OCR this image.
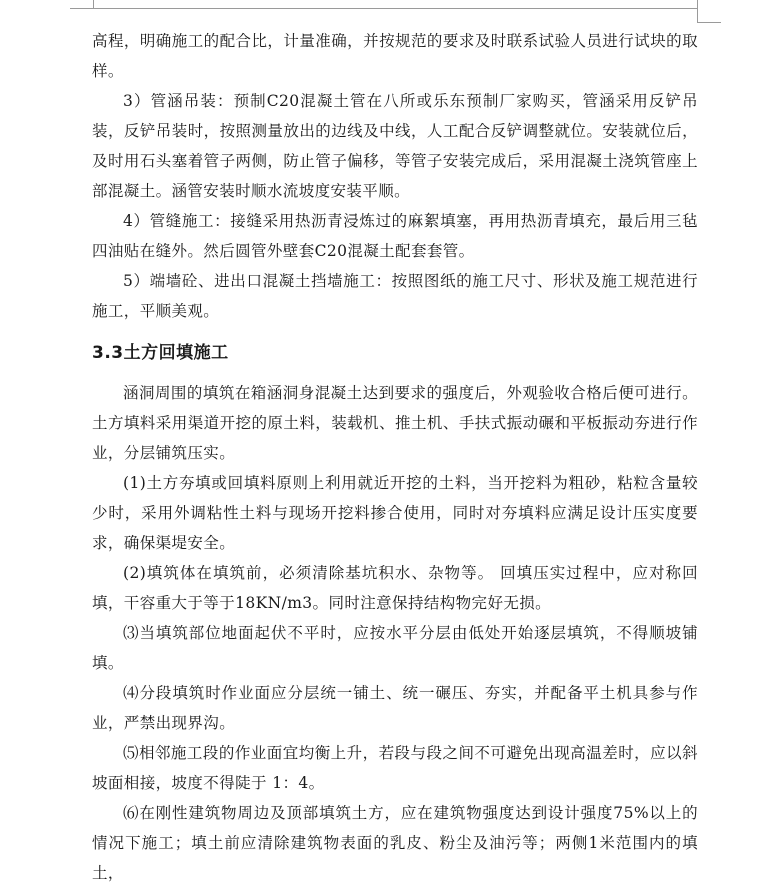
高程，明确施工的配合比，计量准确，并按规范的要求及时联系试验人员进行试块的取样。

3）管涵吊装：预制C20混凝土管在八所或乐东预制厂家购买，管涵采用反铲吊装，反铲吊装时，按照测量放出的边线及中线，人工配合反铲调整就位。安装就位后，及时用石头塞着管子两侧，防止管子偏移，等管子安装完成后，采用混凝土浇筑管座上部混凝土。涵管安装时顺水流坡度安装平顺。

4）管缝施工：接缝采用热沥青浸炼过的麻絮填塞，再用热沥青填充，最后用三毡四油贴在缝外。然后圆管外壁套C20混凝土配套套管。

5）端墙砼、进出口混凝土挡墙施工：按照图纸的施工尺寸、形状及施工规范进行施工，平顺美观。

3.3土方回填施工

涵洞周围的填筑在箱涵洞身混凝土达到要求的强度后，外观验收合格后便可进行。土方填料采用渠道开挖的原土料，装载机、推土机、手扶式振动碾和平板振动夯进行作业，分层铺筑压实。

(1)土方夯填或回填料原则上利用就近开挖的土料，当开挖料为粗砂，粘粒含量较少时，采用外调粘性土料与现场开挖料掺合使用，同时对夯填料应满足设计压实度要求，确保渠堤安全。

(2)填筑体在填筑前，必须清除基坑积水、杂物等。 回填压实过程中，应对称回填，干容重大于等于18KN/m3。同时注意保持结构物完好无损。

⑶当填筑部位地面起伏不平时，应按水平分层由低处开始逐层填筑，不得顺坡铺填。

⑷分段填筑时作业面应分层统一铺土、统一碾压、夯实，并配备平土机具参与作业，严禁出现界沟。

⑸相邻施工段的作业面宜均衡上升，若段与段之间不可避免出现高温差时，应以斜坡面相接，坡度不得陡于 1：4。

⑹在刚性建筑物周边及顶部填筑土方，应在建筑物强度达到设计强度75%以上的情况下施工；填土前应清除建筑物表面的乳皮、粉尘及油污等；两侧1米范围内的填土，
